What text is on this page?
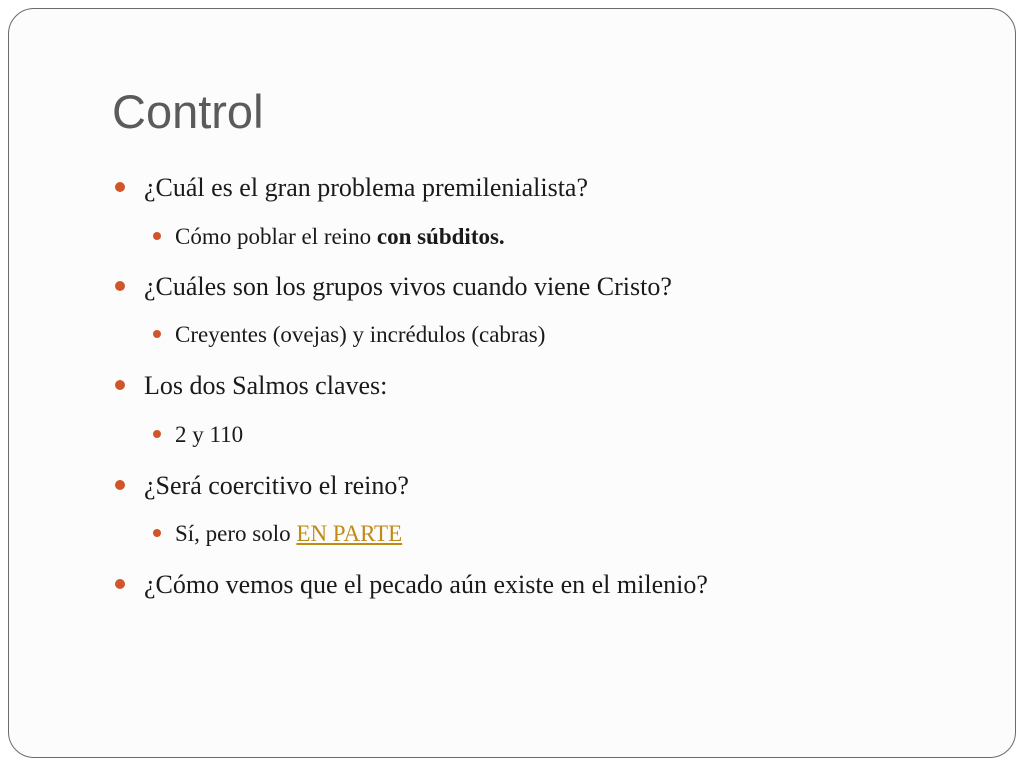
Control
¿Cuál es el gran problema premilenialista?
Cómo poblar el reino con súbditos.
¿Cuáles son los grupos vivos cuando viene Cristo?
Creyentes (ovejas) y incrédulos (cabras)
Los dos Salmos claves:
2 y 110
¿Será coercitivo el reino?
Sí, pero solo EN PARTE
¿Cómo vemos que el pecado aún existe en el milenio?
